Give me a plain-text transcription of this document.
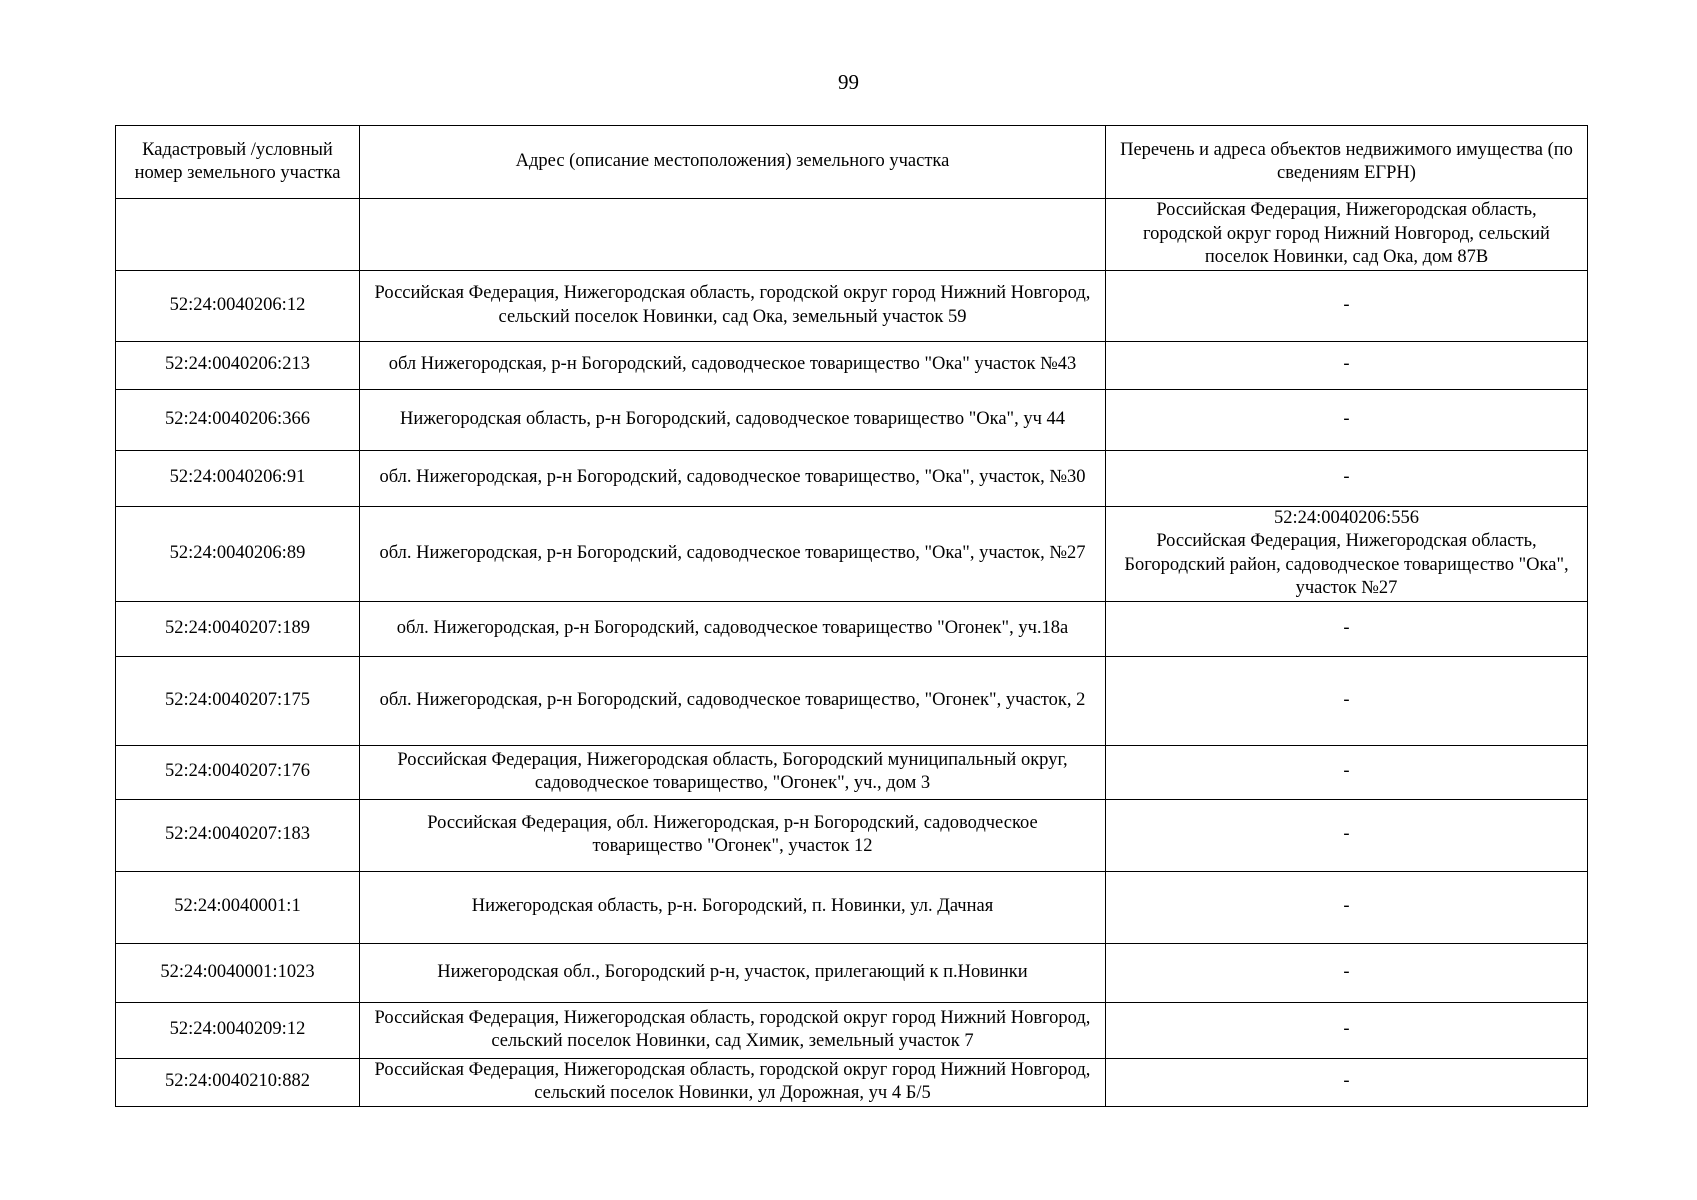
99
Кадастровый /условный номер земельного участка	Адрес (описание местоположения) земельного участка	Перечень и адреса объектов недвижимого имущества (по сведениям ЕГРН)
		Российская Федерация, Нижегородская область, городской округ город Нижний Новгород, сельский поселок Новинки, сад Ока, дом 87В
52:24:0040206:12	Российская Федерация, Нижегородская область, городской округ город Нижний Новгород, сельский поселок Новинки, сад Ока, земельный участок 59	-
52:24:0040206:213	обл Нижегородская, р-н Богородский, садоводческое товарищество "Ока" участок №43	-
52:24:0040206:366	Нижегородская область, р-н Богородский, садоводческое товарищество "Ока", уч 44	-
52:24:0040206:91	обл. Нижегородская, р-н Богородский, садоводческое товарищество, "Ока", участок, №30	-
52:24:0040206:89	обл. Нижегородская, р-н Богородский, садоводческое товарищество, "Ока", участок, №27	52:24:0040206:556
Российская Федерация, Нижегородская область, Богородский район, садоводческое товарищество "Ока", участок №27
52:24:0040207:189	обл. Нижегородская, р-н Богородский, садоводческое товарищество "Огонек", уч.18а	-
52:24:0040207:175	обл. Нижегородская, р-н Богородский, садоводческое товарищество, "Огонек", участок, 2	-
52:24:0040207:176	Российская Федерация, Нижегородская область, Богородский муниципальный округ, садоводческое товарищество, "Огонек", уч., дом 3	-
52:24:0040207:183	Российская Федерация, обл. Нижегородская, р-н Богородский, садоводческое товарищество "Огонек", участок 12	-
52:24:0040001:1	Нижегородская область, р-н. Богородский, п. Новинки, ул. Дачная	-
52:24:0040001:1023	Нижегородская обл., Богородский р-н, участок, прилегающий к п.Новинки	-
52:24:0040209:12	Российская Федерация, Нижегородская область, городской округ город Нижний Новгород, сельский поселок Новинки, сад Химик, земельный участок 7	-
52:24:0040210:882	Российская Федерация, Нижегородская область, городской округ город Нижний Новгород, сельский поселок Новинки, ул Дорожная, уч 4 Б/5	-
